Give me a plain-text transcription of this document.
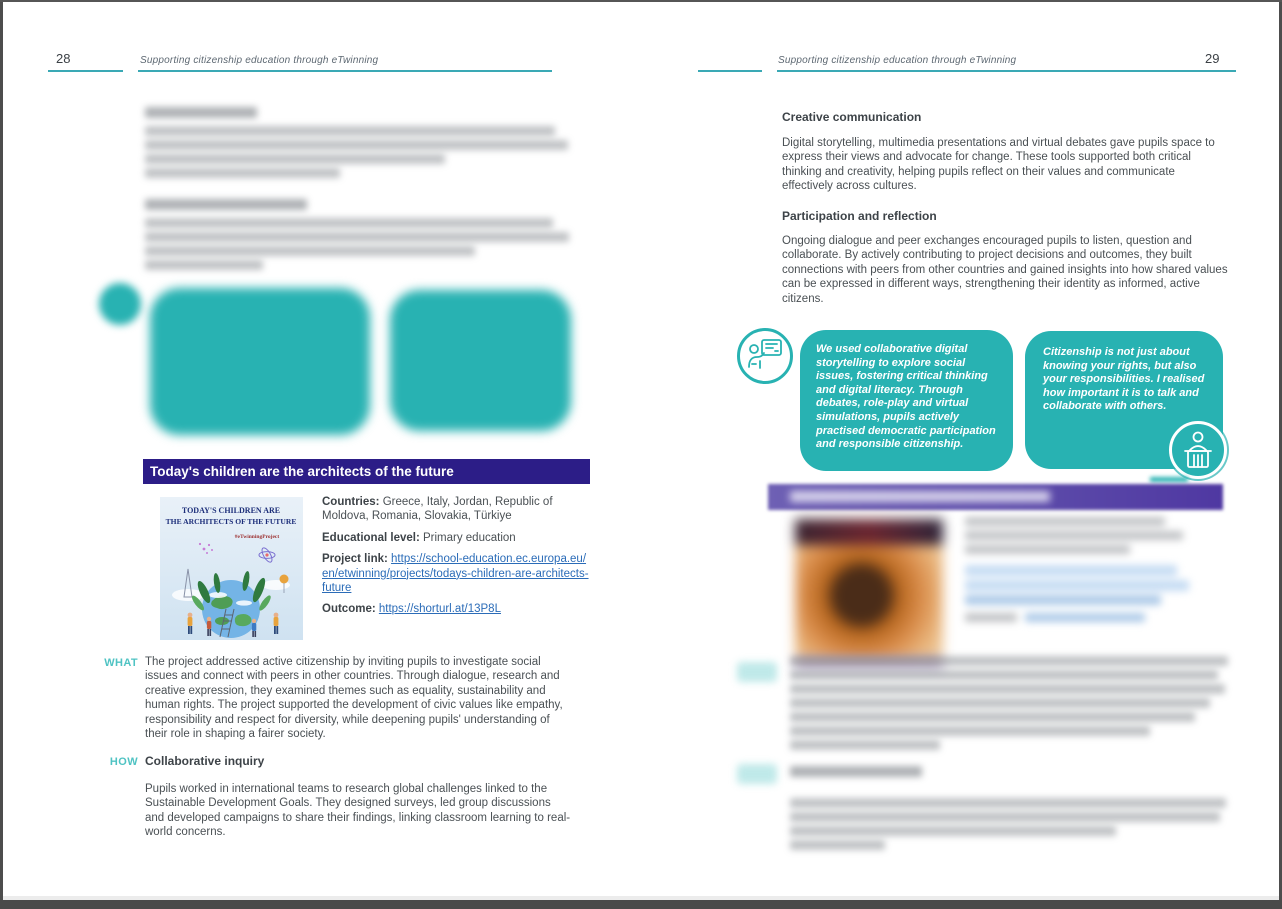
28	Supporting citizenship education through eTwinning
Today's children are the architects of the future
TODAY'S CHILDREN ARE
THE ARCHITECTS OF THE FUTURE
#eTwinningProject

Countries: Greece, Italy, Jordan, Republic of Moldova, Romania, Slovakia, Türkiye

Educational level: Primary education

Project link: https://school-education.ec.europa.eu/en/etwinning/projects/todays-children-are-architects-future

Outcome: https://shorturl.at/13P8L

WHAT The project addressed active citizenship by inviting pupils to investigate social issues and connect with peers in other countries. Through dialogue, research and creative expression, they examined themes such as equality, sustainability and human rights. The project supported the development of civic values like empathy, responsibility and respect for diversity, while deepening pupils' understanding of their role in shaping a fairer society.
HOW Collaborative inquiry
Pupils worked in international teams to research global challenges linked to the Sustainable Development Goals. They designed surveys, led group discussions and developed campaigns to share their findings, linking classroom learning to real-world concerns.
Supporting citizenship education through eTwinning	29
Creative communication
Digital storytelling, multimedia presentations and virtual debates gave pupils space to express their views and advocate for change. These tools supported both critical thinking and creativity, helping pupils reflect on their values and communicate effectively across cultures.
Participation and reflection
Ongoing dialogue and peer exchanges encouraged pupils to listen, question and collaborate. By actively contributing to project decisions and outcomes, they built connections with peers from other countries and gained insights into how shared values can be expressed in different ways, strengthening their identity as informed, active citizens.
We used collaborative digital storytelling to explore social issues, fostering critical thinking and digital literacy. Through debates, role-play and virtual simulations, pupils actively practised democratic participation and responsible citizenship.
Citizenship is not just about knowing your rights, but also your responsibilities. I realised how important it is to talk and collaborate with others.
